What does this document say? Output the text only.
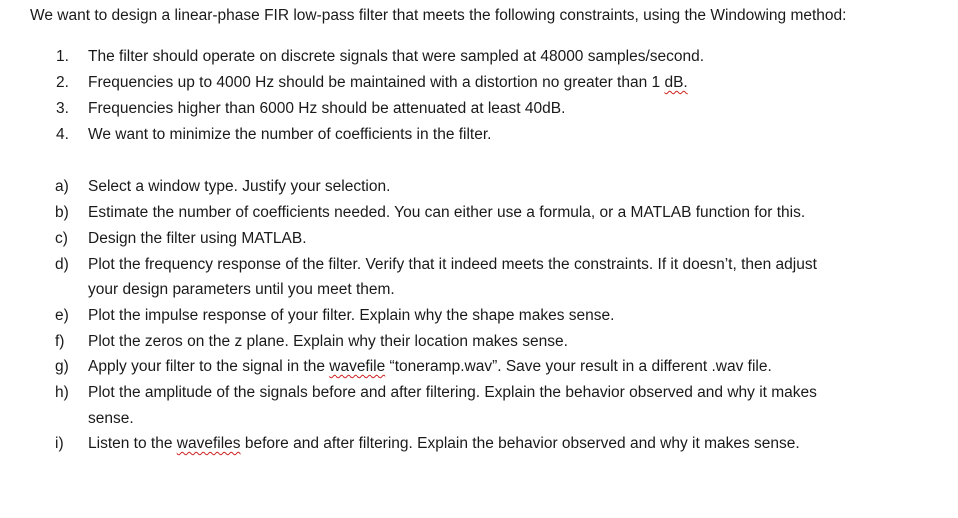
We want to design a linear-phase FIR low-pass filter that meets the following constraints, using the Windowing method:
1. The filter should operate on discrete signals that were sampled at 48000 samples/second.
2. Frequencies up to 4000 Hz should be maintained with a distortion no greater than 1 dB.
3. Frequencies higher than 6000 Hz should be attenuated at least 40dB.
4. We want to minimize the number of coefficients in the filter.
a) Select a window type. Justify your selection.
b) Estimate the number of coefficients needed. You can either use a formula, or a MATLAB function for this.
c) Design the filter using MATLAB.
d) Plot the frequency response of the filter. Verify that it indeed meets the constraints. If it doesn’t, then adjust
your design parameters until you meet them.
e) Plot the impulse response of your filter. Explain why the shape makes sense.
f) Plot the zeros on the z plane. Explain why their location makes sense.
g) Apply your filter to the signal in the wavefile “toneramp.wav”. Save your result in a different .wav file.
h) Plot the amplitude of the signals before and after filtering. Explain the behavior observed and why it makes
sense.
i) Listen to the wavefiles before and after filtering. Explain the behavior observed and why it makes sense.
